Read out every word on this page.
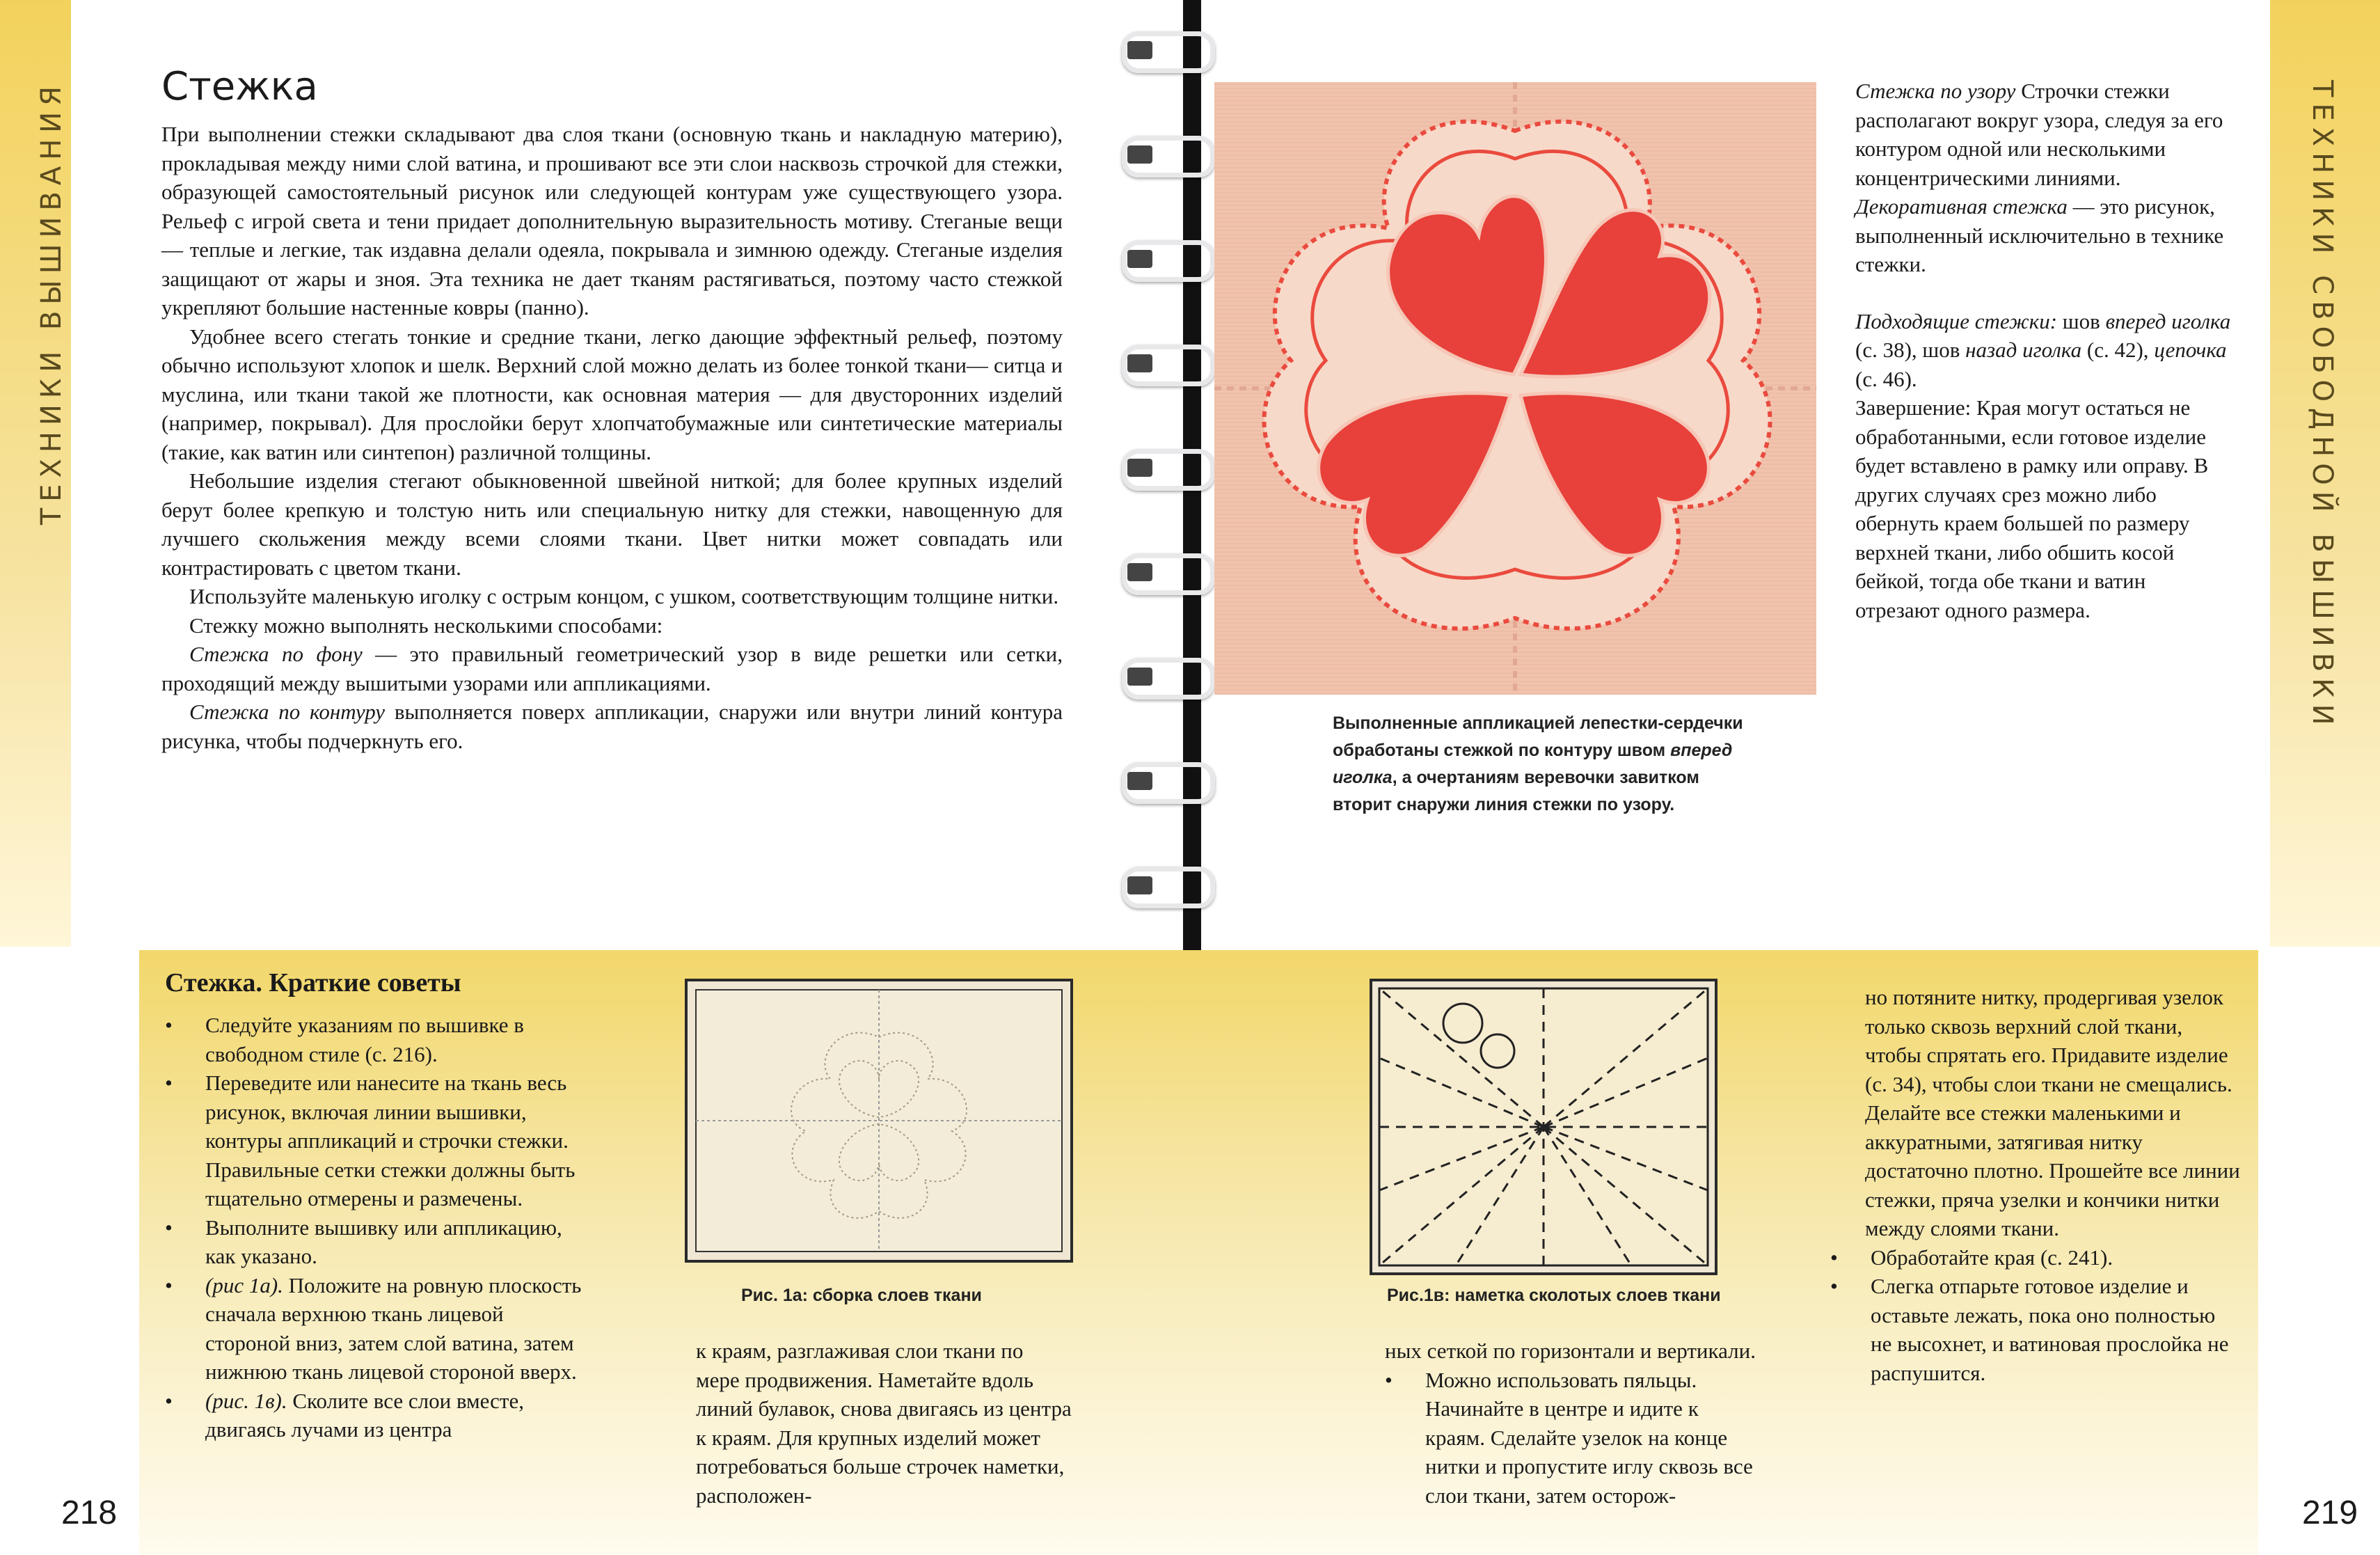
ТЕХНИКИ ВЫШИВАНИЯ	ТЕХНИКИ СВОБОДНОЙ ВЫШИВКИ
Стежка

При выполнении стежки складывают два слоя ткани (основную ткань и накладную материю), прокладывая между ними слой ватина, и прошивают все эти слои насквозь строчкой для стежки, образующей самостоятельный рисунок или следующей контурам уже существующего узора. Рельеф с игрой света и тени придает дополнительную выразительность мотиву. Стеганые вещи — теплые и легкие, так издавна делали одеяла, покрывала и зимнюю одежду. Стеганые изделия защищают от жары и зноя. Эта техника не дает тканям растягиваться, поэтому часто стежкой укрепляют большие настенные ковры (панно).

Удобнее всего стегать тонкие и средние ткани, легко дающие эффектный рельеф, поэтому обычно используют хлопок и шелк. Верхний слой можно делать из более тонкой ткани— ситца и муслина, или ткани такой же плотности, как основная материя — для двусторонних изделий (например, покрывал). Для прослойки берут хлопчатобумажные или синтетические материалы (такие, как ватин или синтепон) различной толщины.

Небольшие изделия стегают обыкновенной швейной ниткой; для более крупных изделий берут более крепкую и толстую нить или специальную нитку для стежки, навощенную для лучшего скольжения между всеми слоями ткани. Цвет нитки может совпадать или контрастировать с цветом ткани.

Используйте маленькую иголку с острым концом, с ушком, соответствующим толщине нитки.

Стежку можно выполнять несколькими способами:

Стежка по фону — это правильный геометрический узор в виде решетки или сетки, проходящий между вышитыми узорами или аппликациями.

Стежка по контуру выполняется поверх аппликации, снаружи или внутри линий контура рисунка, чтобы подчеркнуть его.

Выполненные аппликацией лепестки-сердечки обработаны стежкой по контуру швом вперед иголка, а очертаниям веревочки завитком вторит снаружи линия стежки по узору.
Стежка по узору Строчки стежки располагают вокруг узора, следуя за его контуром одной или несколькими концентрическими линиями.
Декоративная стежка — это рисунок, выполненный исключительно в технике стежки.
Подходящие стежки: шов вперед иголка (с. 38), шов назад иголка (с. 42), цепочка (с. 46).
Завершение: Края могут остаться не обработанными, если готовое изделие будет вставлено в рамку или оправу. В других случаях срез можно либо обернуть краем большей по размеру верхней ткани, либо обшить косой бейкой, тогда обе ткани и ватин отрезают одного размера.
Стежка. Краткие советы
• Следуйте указаниям по вышивке в свободном стиле (с. 216).
• Переведите или нанесите на ткань весь рисунок, включая линии вышивки, контуры аппликаций и строчки стежки. Правильные сетки стежки должны быть тщательно отмерены и размечены.
• Выполните вышивку или аппликацию, как указано.
• (рис 1а). Положите на ровную плоскость сначала верхнюю ткань лицевой стороной вниз, затем слой ватина, затем нижнюю ткань лицевой стороной вверх.
• (рис. 1в). Сколите все слои вместе, двигаясь лучами из центра
Рис. 1а: сборка слоев ткани
к краям, разглаживая слои ткани по мере продвижения. Наметайте вдоль линий булавок, снова двигаясь из центра к краям. Для крупных изделий может потребоваться больше строчек наметки, расположен-
Рис.1в: наметка сколотых слоев ткани
ных сеткой по горизонтали и вертикали.
• Можно использовать пяльцы. Начинайте в центре и идите к краям. Сделайте узелок на конце нитки и пропустите иглу сквозь все слои ткани, затем осторож-
но потяните нитку, продергивая узелок только сквозь верхний слой ткани, чтобы спрятать его. Придавите изделие (с. 34), чтобы слои ткани не смещались. Делайте все стежки маленькими и аккуратными, затягивая нитку достаточно плотно. Прошейте все линии стежки, пряча узелки и кончики нитки между слоями ткани.
• Обработайте края (с. 241).
• Слегка отпарьте готовое изделие и оставьте лежать, пока оно полностью не высохнет, и ватиновая прослойка не распушится.
218	219
